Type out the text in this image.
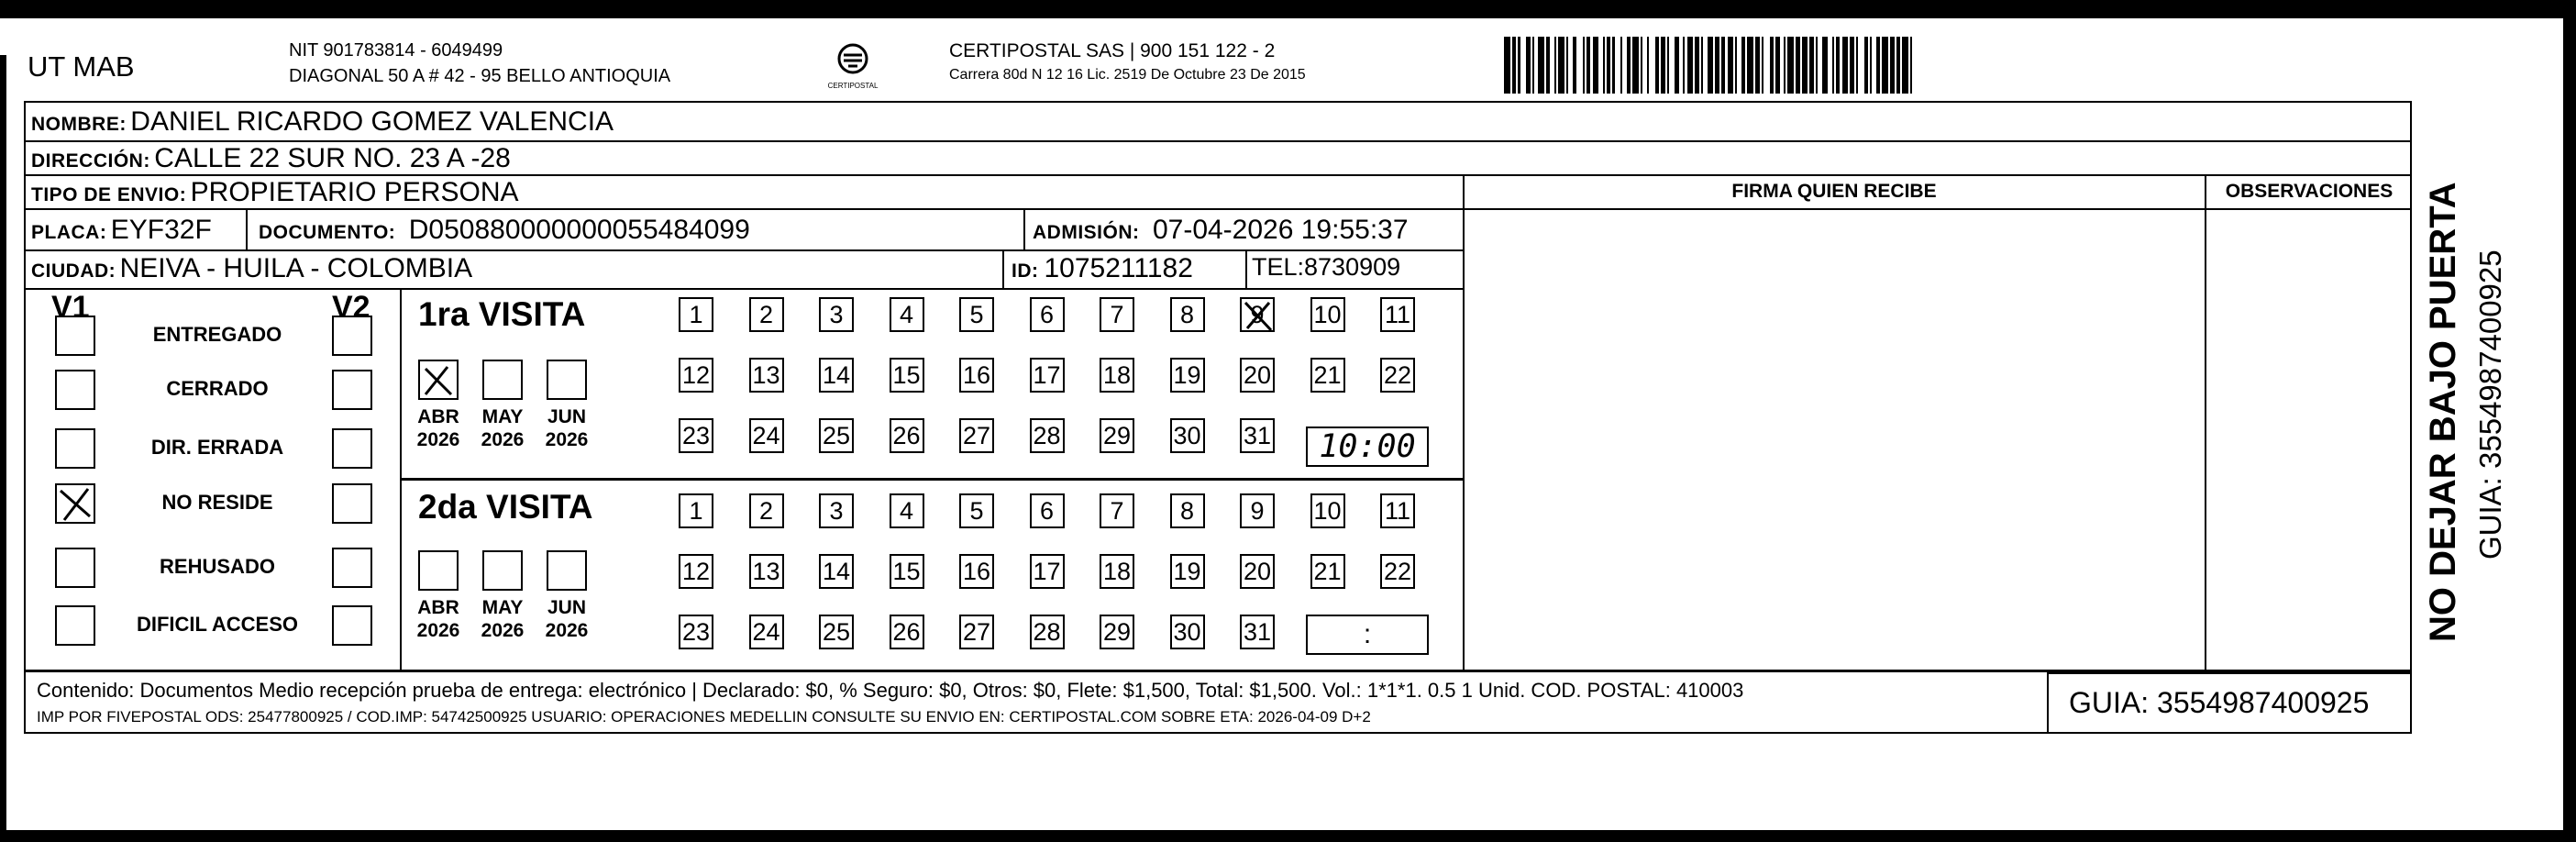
UT MAB	NIT 901783814 - 6049499
DIAGONAL 50 A # 42 - 95 BELLO ANTIOQUIA	CERTIPOSTAL
CERTIPOSTAL SAS | 900 151 122 - 2
Carrera 80d N 12 16 Lic. 2519 De Octubre 23 De 2015
NOMBRE: DANIEL RICARDO GOMEZ VALENCIA
DIRECCIÓN: CALLE 22 SUR NO. 23 A -28
TIPO DE ENVIO: PROPIETARIO PERSONA	FIRMA QUIEN RECIBE	OBSERVACIONES
PLACA: EYF32F DOCUMENTO: D050880000000055484099	ADMISIÓN: 07-04-2026 19:55:37
CIUDAD: NEIVA - HUILA - COLOMBIA	ID: 1075211182 TEL:8730909
V1	V2
ENTREGADO
CERRADO
DIR. ERRADA
NO RESIDE
REHUSADO
DIFICIL ACCESO
1ra VISITA
2da VISITA
ABR
2026
MAY
2026
JUN
2026
ABR
2026
MAY
2026
JUN
2026
1	2	3	4	5	6	7	8	9	10 11
12 13 14 15 16 17 18 19 20 21 22
23 24 25 26 27 28 29 30 31
1	2	3	4	5	6	7	8	9	10 11
12 13 14 15 16 17 18 19 20 21 22
23 24 25 26 27 28 29 30 31
10:00
:
Contenido: Documentos Medio recepción prueba de entrega: electrónico | Declarado: $0, % Seguro: $0, Otros: $0, Flete: $1,500, Total: $1,500. Vol.: 1*1*1. 0.5 1 Unid. COD. POSTAL: 410003
IMP POR FIVEPOSTAL ODS: 25477800925 / COD.IMP: 54742500925 USUARIO: OPERACIONES MEDELLIN CONSULTE SU ENVIO EN: CERTIPOSTAL.COM SOBRE ETA: 2026-04-09 D+2	GUIA: 3554987400925
NO DEJAR BAJO PUERTA GUIA: 3554987400925
